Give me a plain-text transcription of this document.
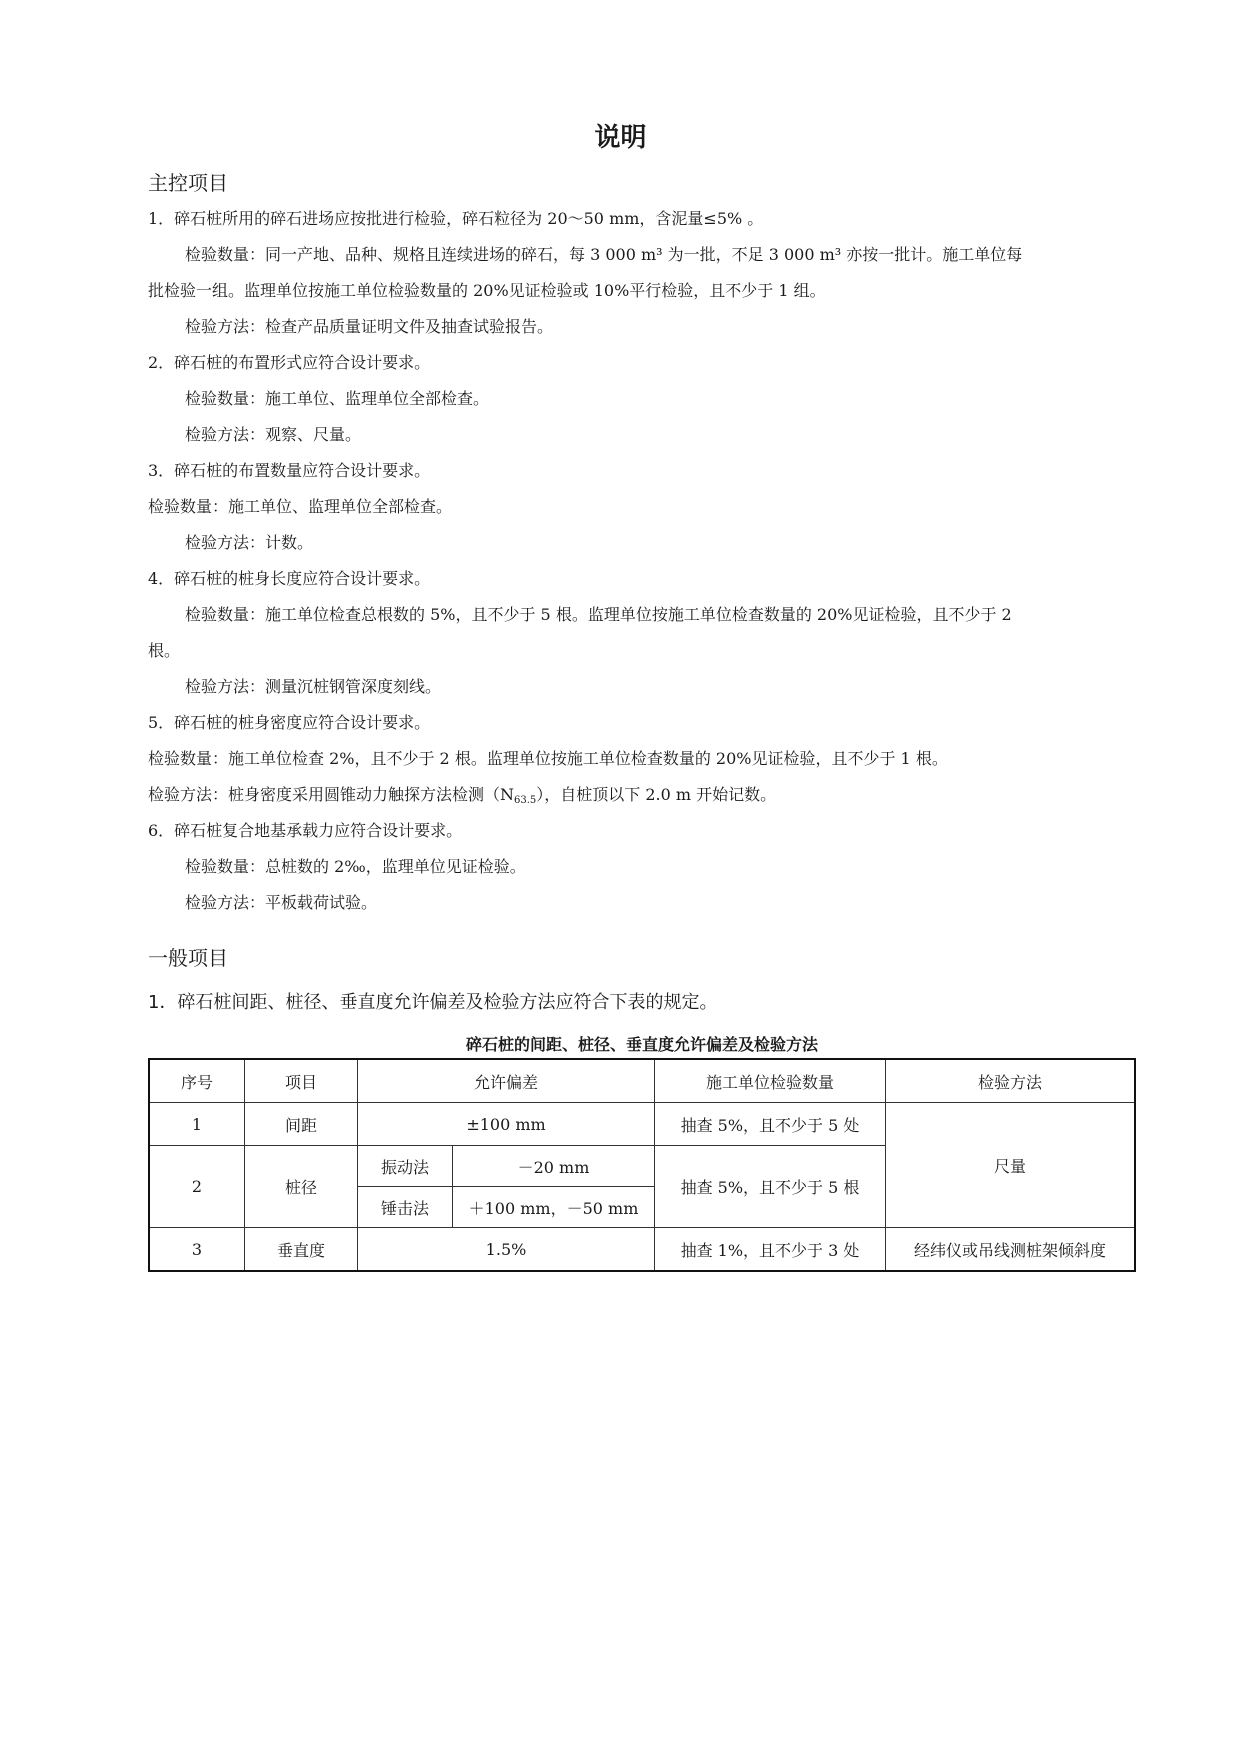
说明
主控项目
1．碎石桩所用的碎石进场应按批进行检验，碎石粒径为 20～50 mm，含泥量≤5% 。
检验数量：同一产地、品种、规格且连续进场的碎石，每 3 000 m³ 为一批，不足 3 000 m³ 亦按一批计。施工单位每
批检验一组。监理单位按施工单位检验数量的 20%见证检验或 10%平行检验，且不少于 1 组。
检验方法：检查产品质量证明文件及抽查试验报告。
2．碎石桩的布置形式应符合设计要求。
检验数量：施工单位、监理单位全部检查。
检验方法：观察、尺量。
3．碎石桩的布置数量应符合设计要求。
检验数量：施工单位、监理单位全部检查。
检验方法：计数。
4．碎石桩的桩身长度应符合设计要求。
检验数量：施工单位检查总根数的 5%，且不少于 5 根。监理单位按施工单位检查数量的 20%见证检验，且不少于 2
根。
检验方法：测量沉桩钢管深度刻线。
5．碎石桩的桩身密度应符合设计要求。
检验数量：施工单位检查 2%，且不少于 2 根。监理单位按施工单位检查数量的 20%见证检验，且不少于 1 根。
检验方法：桩身密度采用圆锥动力触探方法检测$(N_{63.5})$，自桩顶以下 2.0 m 开始记数。
6．碎石桩复合地基承载力应符合设计要求。
检验数量：总桩数的 2‰，监理单位见证检验。
检验方法：平板载荷试验。
一般项目
1．碎石桩间距、桩径、垂直度允许偏差及检验方法应符合下表的规定。
碎石桩的间距、桩径、垂直度允许偏差及检验方法
序号	项目	允许偏差		施工单位检验数量	检验方法
1	间距	±100 mm		抽查 5%，且不少于 5 处	尺量
2	桩径	振动法	－20 mm	抽查 5%，且不少于 5 根	
		锤击法	＋100 mm，－50 mm		
3	垂直度	1.5%		抽查 1%，且不少于 3 处	经纬仪或吊线测桩架倾斜度
